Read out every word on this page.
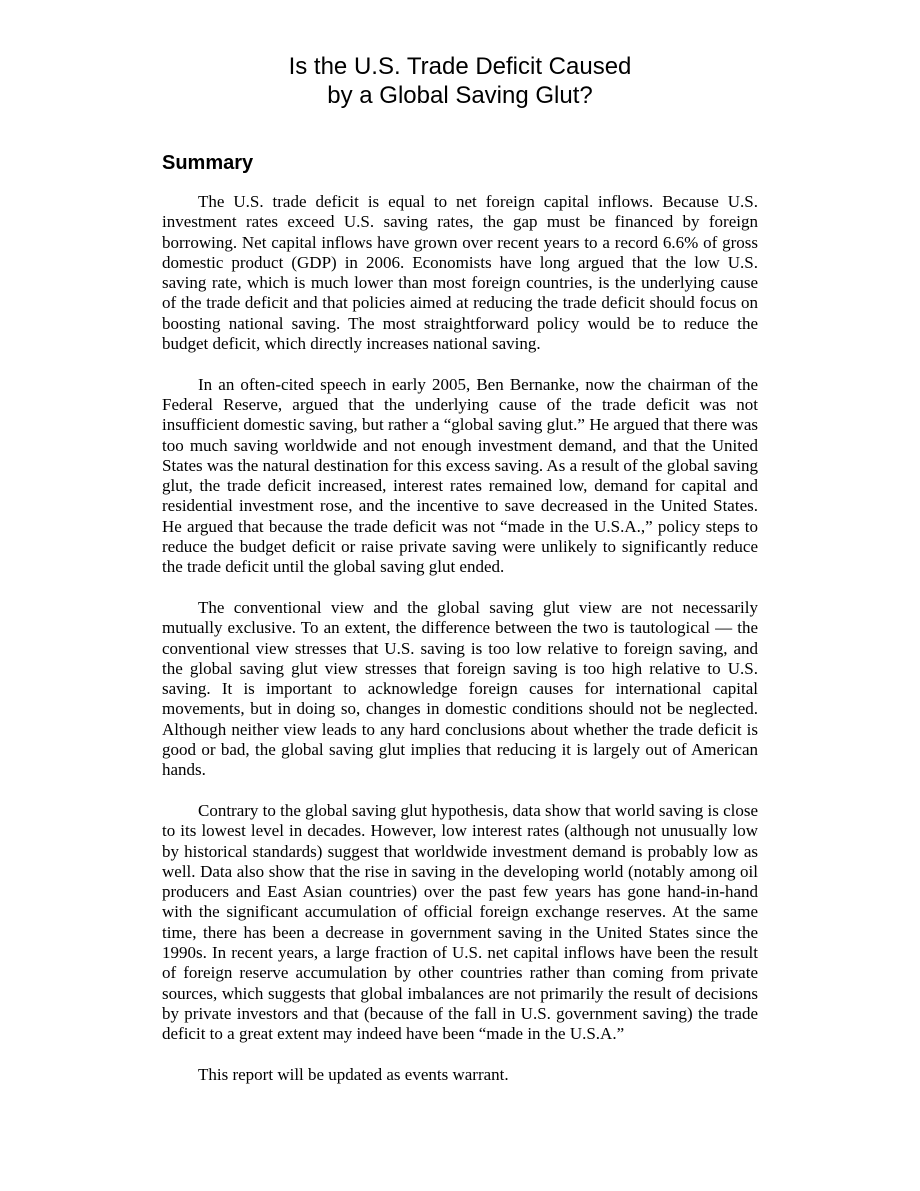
Is the U.S. Trade Deficit Caused
by a Global Saving Glut?
Summary

The U.S. trade deficit is equal to net foreign capital inflows. Because U.S. investment rates exceed U.S. saving rates, the gap must be financed by foreign borrowing. Net capital inflows have grown over recent years to a record 6.6% of gross domestic product (GDP) in 2006. Economists have long argued that the low U.S. saving rate, which is much lower than most foreign countries, is the underlying cause of the trade deficit and that policies aimed at reducing the trade deficit should focus on boosting national saving. The most straightforward policy would be to reduce the budget deficit, which directly increases national saving.

In an often-cited speech in early 2005, Ben Bernanke, now the chairman of the Federal Reserve, argued that the underlying cause of the trade deficit was not insufficient domestic saving, but rather a “global saving glut.” He argued that there was too much saving worldwide and not enough investment demand, and that the United States was the natural destination for this excess saving. As a result of the global saving glut, the trade deficit increased, interest rates remained low, demand for capital and residential investment rose, and the incentive to save decreased in the United States. He argued that because the trade deficit was not “made in the U.S.A.,” policy steps to reduce the budget deficit or raise private saving were unlikely to significantly reduce the trade deficit until the global saving glut ended.

The conventional view and the global saving glut view are not necessarily mutually exclusive. To an extent, the difference between the two is tautological — the conventional view stresses that U.S. saving is too low relative to foreign saving, and the global saving glut view stresses that foreign saving is too high relative to U.S. saving. It is important to acknowledge foreign causes for international capital movements, but in doing so, changes in domestic conditions should not be neglected. Although neither view leads to any hard conclusions about whether the trade deficit is good or bad, the global saving glut implies that reducing it is largely out of American hands.

Contrary to the global saving glut hypothesis, data show that world saving is close to its lowest level in decades. However, low interest rates (although not unusually low by historical standards) suggest that worldwide investment demand is probably low as well. Data also show that the rise in saving in the developing world (notably among oil producers and East Asian countries) over the past few years has gone hand-in-hand with the significant accumulation of official foreign exchange reserves. At the same time, there has been a decrease in government saving in the United States since the 1990s. In recent years, a large fraction of U.S. net capital inflows have been the result of foreign reserve accumulation by other countries rather than coming from private sources, which suggests that global imbalances are not primarily the result of decisions by private investors and that (because of the fall in U.S. government saving) the trade deficit to a great extent may indeed have been “made in the U.S.A.”

This report will be updated as events warrant.
